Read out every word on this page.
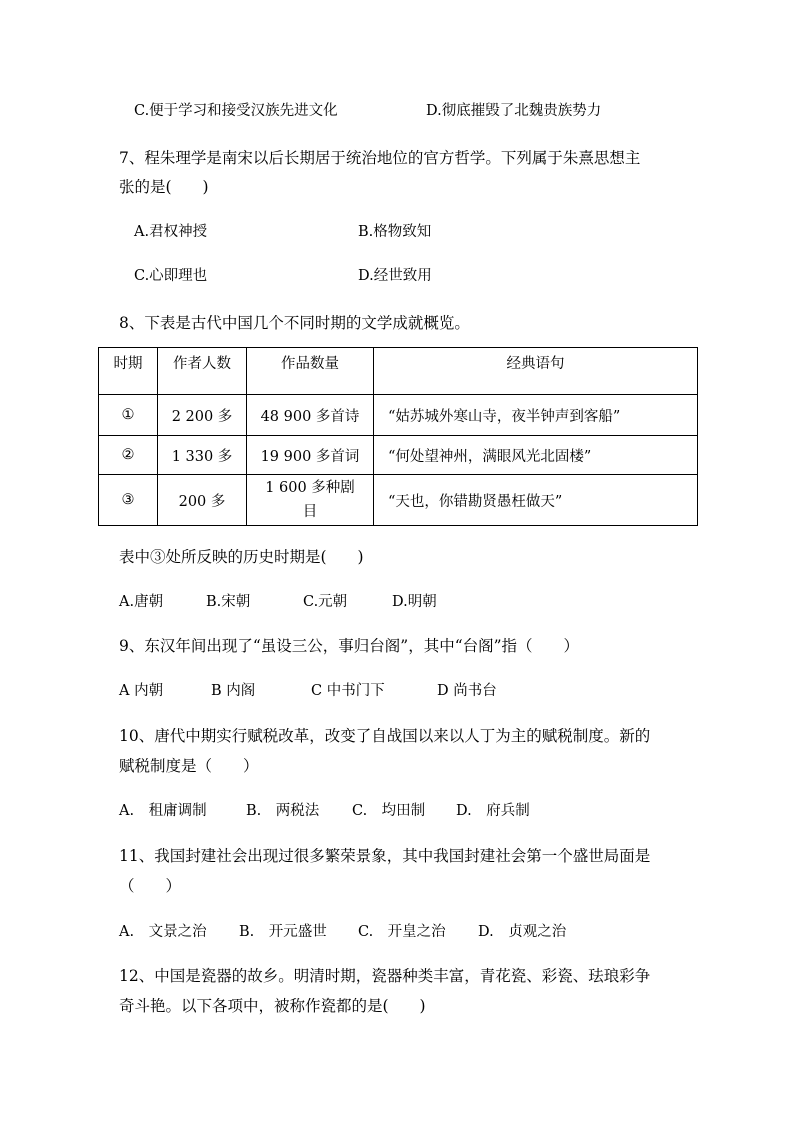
C.便于学习和接受汉族先进文化	D.彻底摧毁了北魏贵族势力
7、程朱理学是南宋以后长期居于统治地位的官方哲学。下列属于朱熹思想主
张的是(　　)
A.君权神授	B.格物致知
C.心即理也	D.经世致用
8、下表是古代中国几个不同时期的文学成就概览。
时期	作者人数	作品数量	经典语句
①	2 200 多	48 900 多首诗	“姑苏城外寒山寺，夜半钟声到客船”
②	1 330 多	19 900 多首词	“何处望神州，满眼风光北固楼”
③	200 多	1 600 多种剧目	“天也，你错勘贤愚枉做天”
表中③处所反映的历史时期是(　　)
A.唐朝	B.宋朝	C.元朝	D.明朝
9、东汉年间出现了“虽设三公，事归台阁”，其中“台阁”指（　　）
A 内朝	B 内阁	C 中书门下	D 尚书台
10、唐代中期实行赋税改革，改变了自战国以来以人丁为主的赋税制度。新的
赋税制度是（　　）
A.　租庸调制	B.　两税法 C.　均田制 D.　府兵制
11、我国封建社会出现过很多繁荣景象，其中我国封建社会第一个盛世局面是
（　　）
A.　文景之治 B.　开元盛世 C.　开皇之治 D.　贞观之治
12、中国是瓷器的故乡。明清时期，瓷器种类丰富，青花瓷、彩瓷、珐琅彩争
奇斗艳。以下各项中，被称作瓷都的是(　　)
